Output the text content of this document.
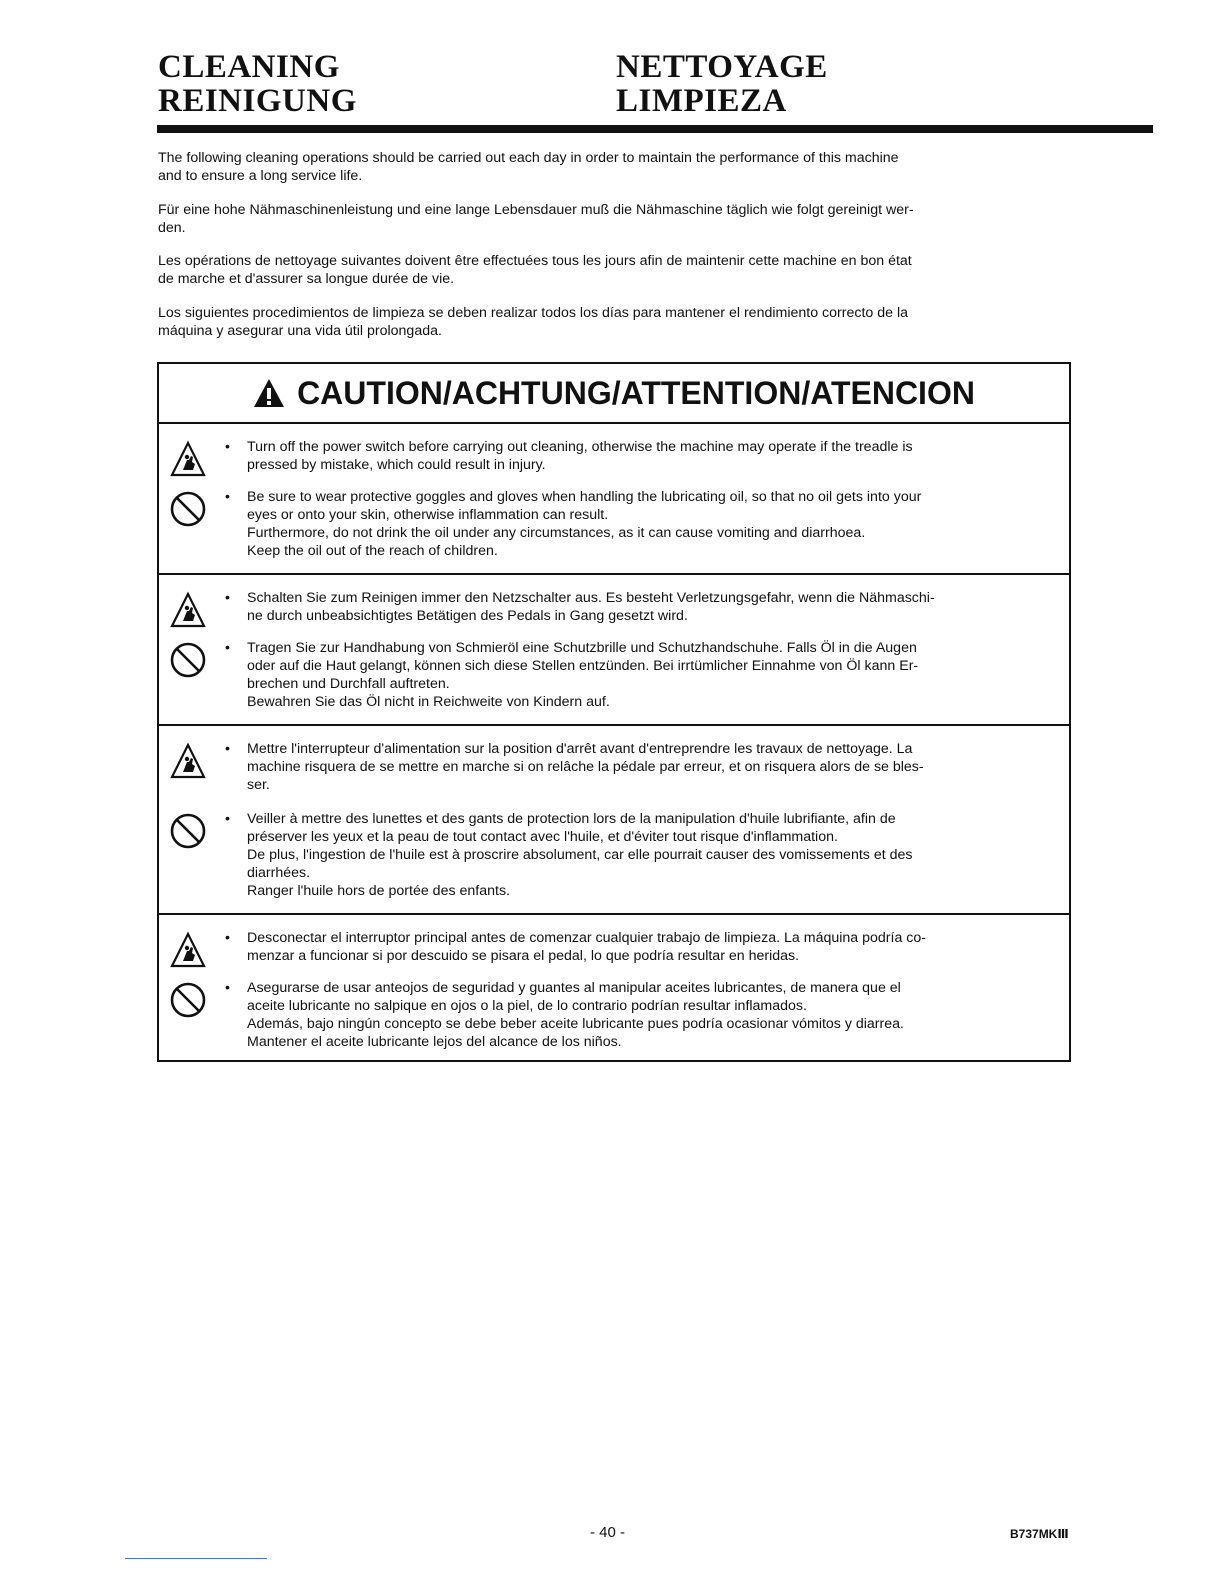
CLEANING
REINIGUNG
NETTOYAGE
LIMPIEZA

The following cleaning operations should be carried out each day in order to maintain the performance of this machine
and to ensure a long service life.

Für eine hohe Nähmaschinenleistung und eine lange Lebensdauer muß die Nähmaschine täglich wie folgt gereinigt wer-
den.

Les opérations de nettoyage suivantes doivent être effectuées tous les jours afin de maintenir cette machine en bon état
de marche et d'assurer sa longue durée de vie.

Los siguientes procedimientos de limpieza se deben realizar todos los días para mantener el rendimiento correcto de la
máquina y asegurar una vida útil prolongada.

CAUTION/ACHTUNG/ATTENTION/ATENCION
• Turn off the power switch before carrying out cleaning, otherwise the machine may operate if the treadle is
pressed by mistake, which could result in injury.
• Be sure to wear protective goggles and gloves when handling the lubricating oil, so that no oil gets into your
eyes or onto your skin, otherwise inflammation can result.
Furthermore, do not drink the oil under any circumstances, as it can cause vomiting and diarrhoea.
Keep the oil out of the reach of children.
• Schalten Sie zum Reinigen immer den Netzschalter aus. Es besteht Verletzungsgefahr, wenn die Nähmaschi-
ne durch unbeabsichtigtes Betätigen des Pedals in Gang gesetzt wird.
• Tragen Sie zur Handhabung von Schmieröl eine Schutzbrille und Schutzhandschuhe. Falls Öl in die Augen
oder auf die Haut gelangt, können sich diese Stellen entzünden. Bei irrtümlicher Einnahme von Öl kann Er-
brechen und Durchfall auftreten.
Bewahren Sie das Öl nicht in Reichweite von Kindern auf.
• Mettre l'interrupteur d'alimentation sur la position d'arrêt avant d'entreprendre les travaux de nettoyage. La
machine risquera de se mettre en marche si on relâche la pédale par erreur, et on risquera alors de se bles-
ser.
• Veiller à mettre des lunettes et des gants de protection lors de la manipulation d'huile lubrifiante, afin de
préserver les yeux et la peau de tout contact avec l'huile, et d'éviter tout risque d'inflammation.
De plus, l'ingestion de l'huile est à proscrire absolument, car elle pourrait causer des vomissements et des
diarrhées.
Ranger l'huile hors de portée des enfants.
• Desconectar el interruptor principal antes de comenzar cualquier trabajo de limpieza. La máquina podría co-
menzar a funcionar si por descuido se pisara el pedal, lo que podría resultar en heridas.
• Asegurarse de usar anteojos de seguridad y guantes al manipular aceites lubricantes, de manera que el
aceite lubricante no salpique en ojos o la piel, de lo contrario podrían resultar inflamados.
Además, bajo ningún concepto se debe beber aceite lubricante pues podría ocasionar vómitos y diarrea.
Mantener el aceite lubricante lejos del alcance de los niños.
- 40 -	B737MKⅢ
